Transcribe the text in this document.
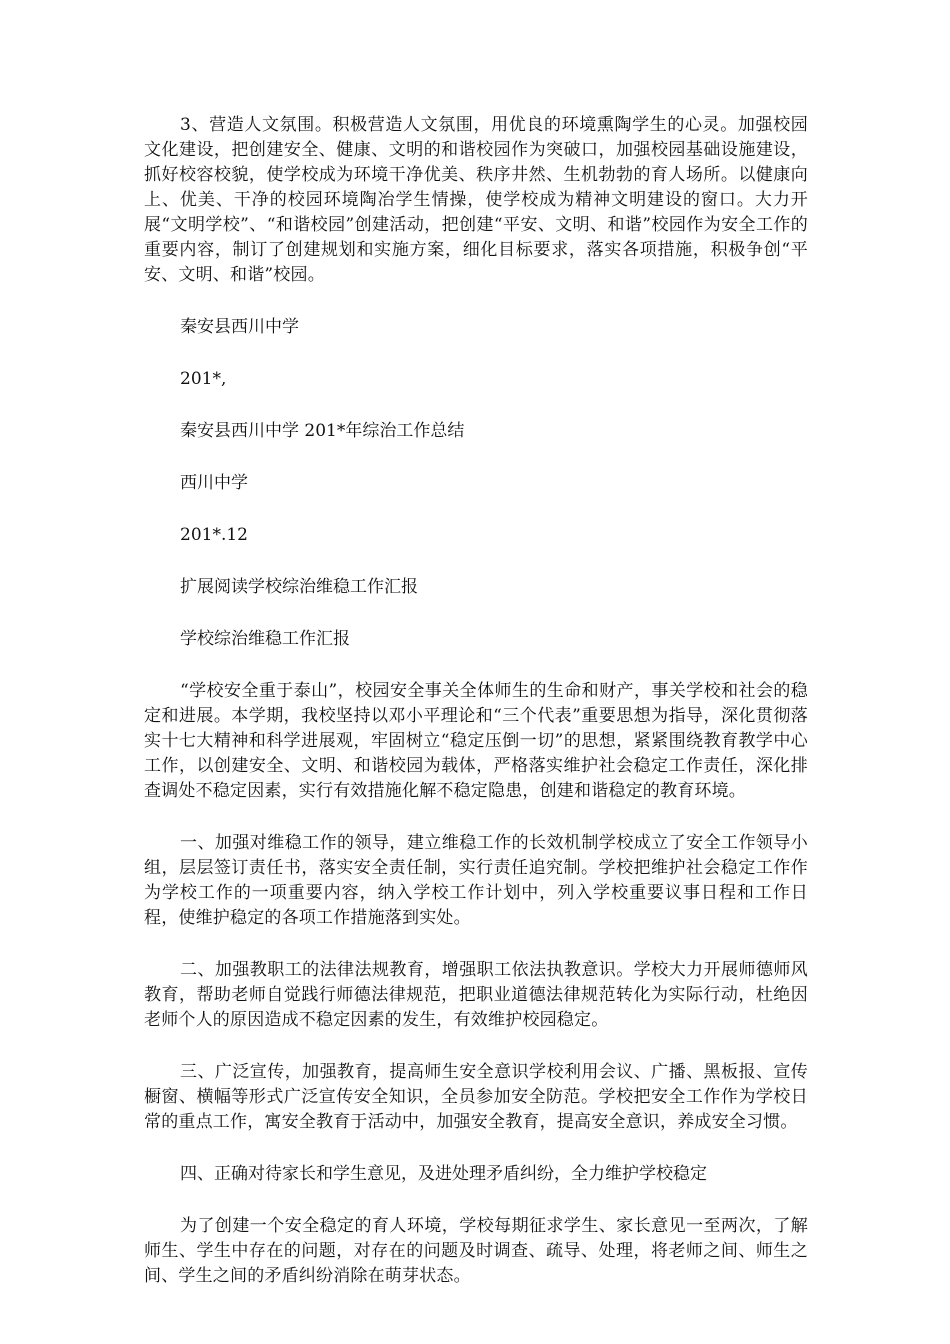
3、营造人文氛围。积极营造人文氛围，用优良的环境熏陶学生的心灵。加强校园文化建设，把创建安全、健康、文明的和谐校园作为突破口，加强校园基础设施建设，抓好校容校貌，使学校成为环境干净优美、秩序井然、生机勃勃的育人场所。以健康向上、优美、干净的校园环境陶冶学生情操，使学校成为精神文明建设的窗口。大力开展“文明学校”、“和谐校园”创建活动，把创建“平安、文明、和谐”校园作为安全工作的重要内容，制订了创建规划和实施方案，细化目标要求，落实各项措施，积极争创“平安、文明、和谐”校园。

秦安县西川中学

201*,

秦安县西川中学 201*年综治工作总结

西川中学

201*.12

扩展阅读学校综治维稳工作汇报

学校综治维稳工作汇报

“学校安全重于泰山”，校园安全事关全体师生的生命和财产，事关学校和社会的稳定和进展。本学期，我校坚持以邓小平理论和“三个代表”重要思想为指导，深化贯彻落实十七大精神和科学进展观，牢固树立“稳定压倒一切”的思想，紧紧围绕教育教学中心工作，以创建安全、文明、和谐校园为载体，严格落实维护社会稳定工作责任，深化排查调处不稳定因素，实行有效措施化解不稳定隐患，创建和谐稳定的教育环境。

一、加强对维稳工作的领导，建立维稳工作的长效机制学校成立了安全工作领导小组，层层签订责任书，落实安全责任制，实行责任追究制。学校把维护社会稳定工作作为学校工作的一项重要内容，纳入学校工作计划中，列入学校重要议事日程和工作日程，使维护稳定的各项工作措施落到实处。

二、加强教职工的法律法规教育，增强职工依法执教意识。学校大力开展师德师风教育，帮助老师自觉践行师德法律规范，把职业道德法律规范转化为实际行动，杜绝因老师个人的原因造成不稳定因素的发生，有效维护校园稳定。

三、广泛宣传，加强教育，提高师生安全意识学校利用会议、广播、黑板报、宣传橱窗、横幅等形式广泛宣传安全知识，全员参加安全防范。学校把安全工作作为学校日常的重点工作，寓安全教育于活动中，加强安全教育，提高安全意识，养成安全习惯。

四、正确对待家长和学生意见，及进处理矛盾纠纷，全力维护学校稳定

为了创建一个安全稳定的育人环境，学校每期征求学生、家长意见一至两次，了解师生、学生中存在的问题，对存在的问题及时调查、疏导、处理，将老师之间、师生之间、学生之间的矛盾纠纷消除在萌芽状态。
